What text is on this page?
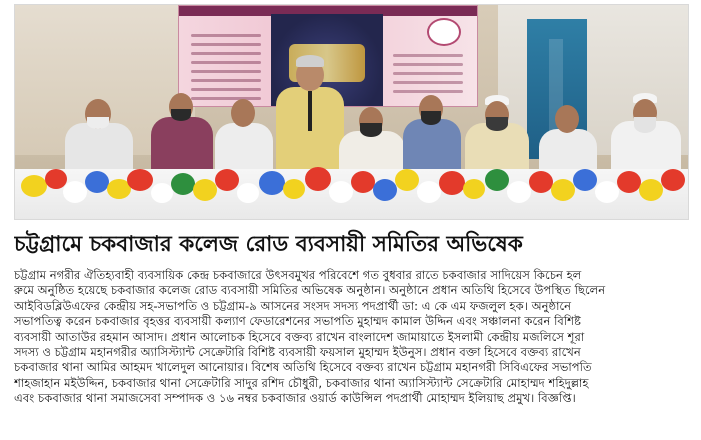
চট্টগ্রামে চকবাজার কলেজ রোড ব্যবসায়ী সমিতির অভিষেক
চট্টগ্রাম নগরীর ঐতিহ্যবাহী ব্যবসায়িক কেন্দ্র চকবাজারে উৎসবমুখর পরিবেশে গত বুধবার রাতে চকবাজার সাদিয়েস কিচেন হল
রুমে অনুষ্ঠিত হয়েছে চকবাজার কলেজ রোড ব্যবসায়ী সমিতির অভিষেক অনুষ্ঠান। অনুষ্ঠানে প্রধান অতিথি হিসেবে উপস্থিত ছিলেন
আইবিডব্লিউএফের কেন্দ্রীয় সহ-সভাপতি ও চট্টগ্রাম-৯ আসনের সংসদ সদস্য পদপ্রার্থী ডা: এ কে এম ফজলুল হক। অনুষ্ঠানে
সভাপতিত্ব করেন চকবাজার বৃহত্তর ব্যবসায়ী কল্যাণ ফেডারেশনের সভাপতি মুহাম্মদ কামাল উদ্দিন এবং সঞ্চালনা করেন বিশিষ্ট
ব্যবসায়ী আতাউর রহমান আসাদ। প্রধান আলোচক হিসেবে বক্তব্য রাখেন বাংলাদেশ জামায়াতে ইসলামী কেন্দ্রীয় মজলিসে শূরা
সদস্য ও চট্টগ্রাম মহানগরীর অ্যাসিস্ট্যান্ট সেক্রেটারি বিশিষ্ট ব্যবসায়ী ফয়সাল মুহাম্মদ ইউনুস। প্রধান বক্তা হিসেবে বক্তব্য রাখেন
চকবাজার থানা আমির আহমদ খালেদুল আনোয়ার। বিশেষ অতিথি হিসেবে বক্তব্য রাখেন চট্টগ্রাম মহানগরী সিবিএফের সভাপতি
শাহজাহান মইউদ্দিন, চকবাজার থানা সেক্রেটারি সাদুর রশিদ চৌধুরী, চকবাজার থানা অ্যাসিস্ট্যান্ট সেক্রেটারি মোহাম্মদ শহিদুল্লাহ
এবং চকবাজার থানা সমাজসেবা সম্পাদক ও ১৬ নম্বর চকবাজার ওয়ার্ড কাউন্সিল পদপ্রার্থী মোহাম্মদ ইলিয়াছ প্রমুখ। বিজ্ঞপ্তি।
